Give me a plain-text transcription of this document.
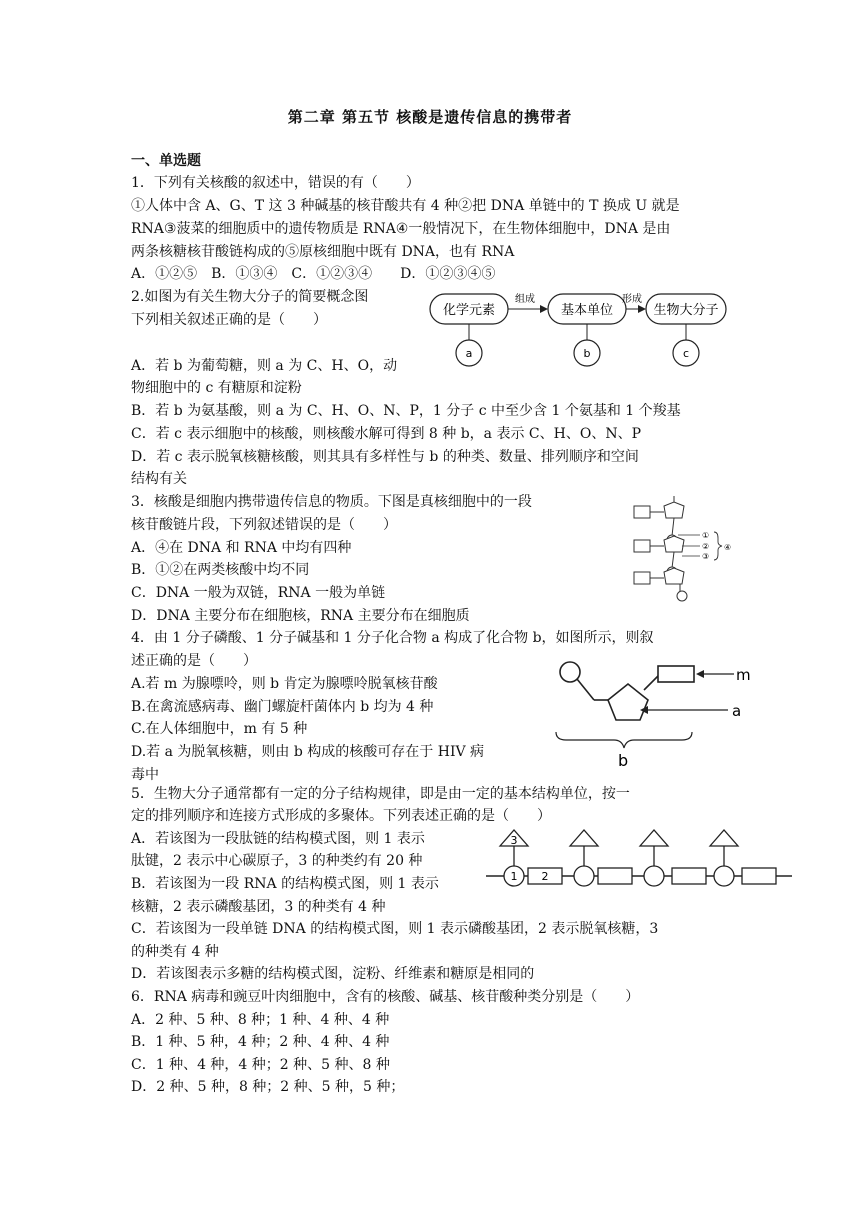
第二章 第五节 核酸是遗传信息的携带者
一、单选题
1．下列有关核酸的叙述中，错误的有（　　）
①人体中含 A、G、T 这 3 种碱基的核苷酸共有 4 种②把 DNA 单链中的 T 换成 U 就是
RNA③菠菜的细胞质中的遗传物质是 RNA④一般情况下，在生物体细胞中，DNA 是由
两条核糖核苷酸链构成的⑤原核细胞中既有 DNA，也有 RNA
A．①②⑤　B．①③④　C．①②③④　　D．①②③④⑤
2.如图为有关生物大分子的简要概念图
下列相关叙述正确的是（　　）
A．若 b 为葡萄糖，则 a 为 C、H、O，动
物细胞中的 c 有糖原和淀粉
B．若 b 为氨基酸，则 a 为 C、H、O、N、P，1 分子 c 中至少含 1 个氨基和 1 个羧基
C．若 c 表示细胞中的核酸，则核酸水解可得到 8 种 b，a 表示 C、H、O、N、P
D．若 c 表示脱氧核糖核酸，则其具有多样性与 b 的种类、数量、排列顺序和空间
结构有关
化学元素
组成
基本单位
形成
生物大分子
a	b	c
3．核酸是细胞内携带遗传信息的物质。下图是真核细胞中的一段
核苷酸链片段，下列叙述错误的是（　　）
A．④在 DNA 和 RNA 中均有四种
B．①②在两类核酸中均不同
C．DNA 一般为双链，RNA 一般为单链
D．DNA 主要分布在细胞核，RNA 主要分布在细胞质
①
②
③
④
4．由 1 分子磷酸、1 分子碱基和 1 分子化合物 a 构成了化合物 b，如图所示，则叙
述正确的是（　　）
A.若 m 为腺嘌呤，则 b 肯定为腺嘌呤脱氧核苷酸
B.在禽流感病毒、幽门螺旋杆菌体内 b 均为 4 种
C.在人体细胞中，m 有 5 种
D.若 a 为脱氧核糖，则由 b 构成的核酸可存在于 HIV 病
毒中
m
a
b
5．生物大分子通常都有一定的分子结构规律，即是由一定的基本结构单位，按一
定的排列顺序和连接方式形成的多聚体。下列表述正确的是（　　）
A．若该图为一段肽链的结构模式图，则 1 表示
肽键，2 表示中心碳原子，3 的种类约有 20 种
B．若该图为一段 RNA 的结构模式图，则 1 表示
核糖，2 表示磷酸基团，3 的种类有 4 种
C．若该图为一段单链 DNA 的结构模式图，则 1 表示磷酸基团，2 表示脱氧核糖，3
的种类有 4 种
D．若该图表示多糖的结构模式图，淀粉、纤维素和糖原是相同的
3
1 2
6．RNA 病毒和豌豆叶肉细胞中，含有的核酸、碱基、核苷酸种类分别是（　　）
A．2 种、5 种、8 种；1 种、4 种、4 种
B．1 种、5 种，4 种；2 种、4 种、4 种
C．1 种、4 种，4 种；2 种、5 种、8 种
D．2 种、5 种，8 种；2 种、5 种，5 种；
